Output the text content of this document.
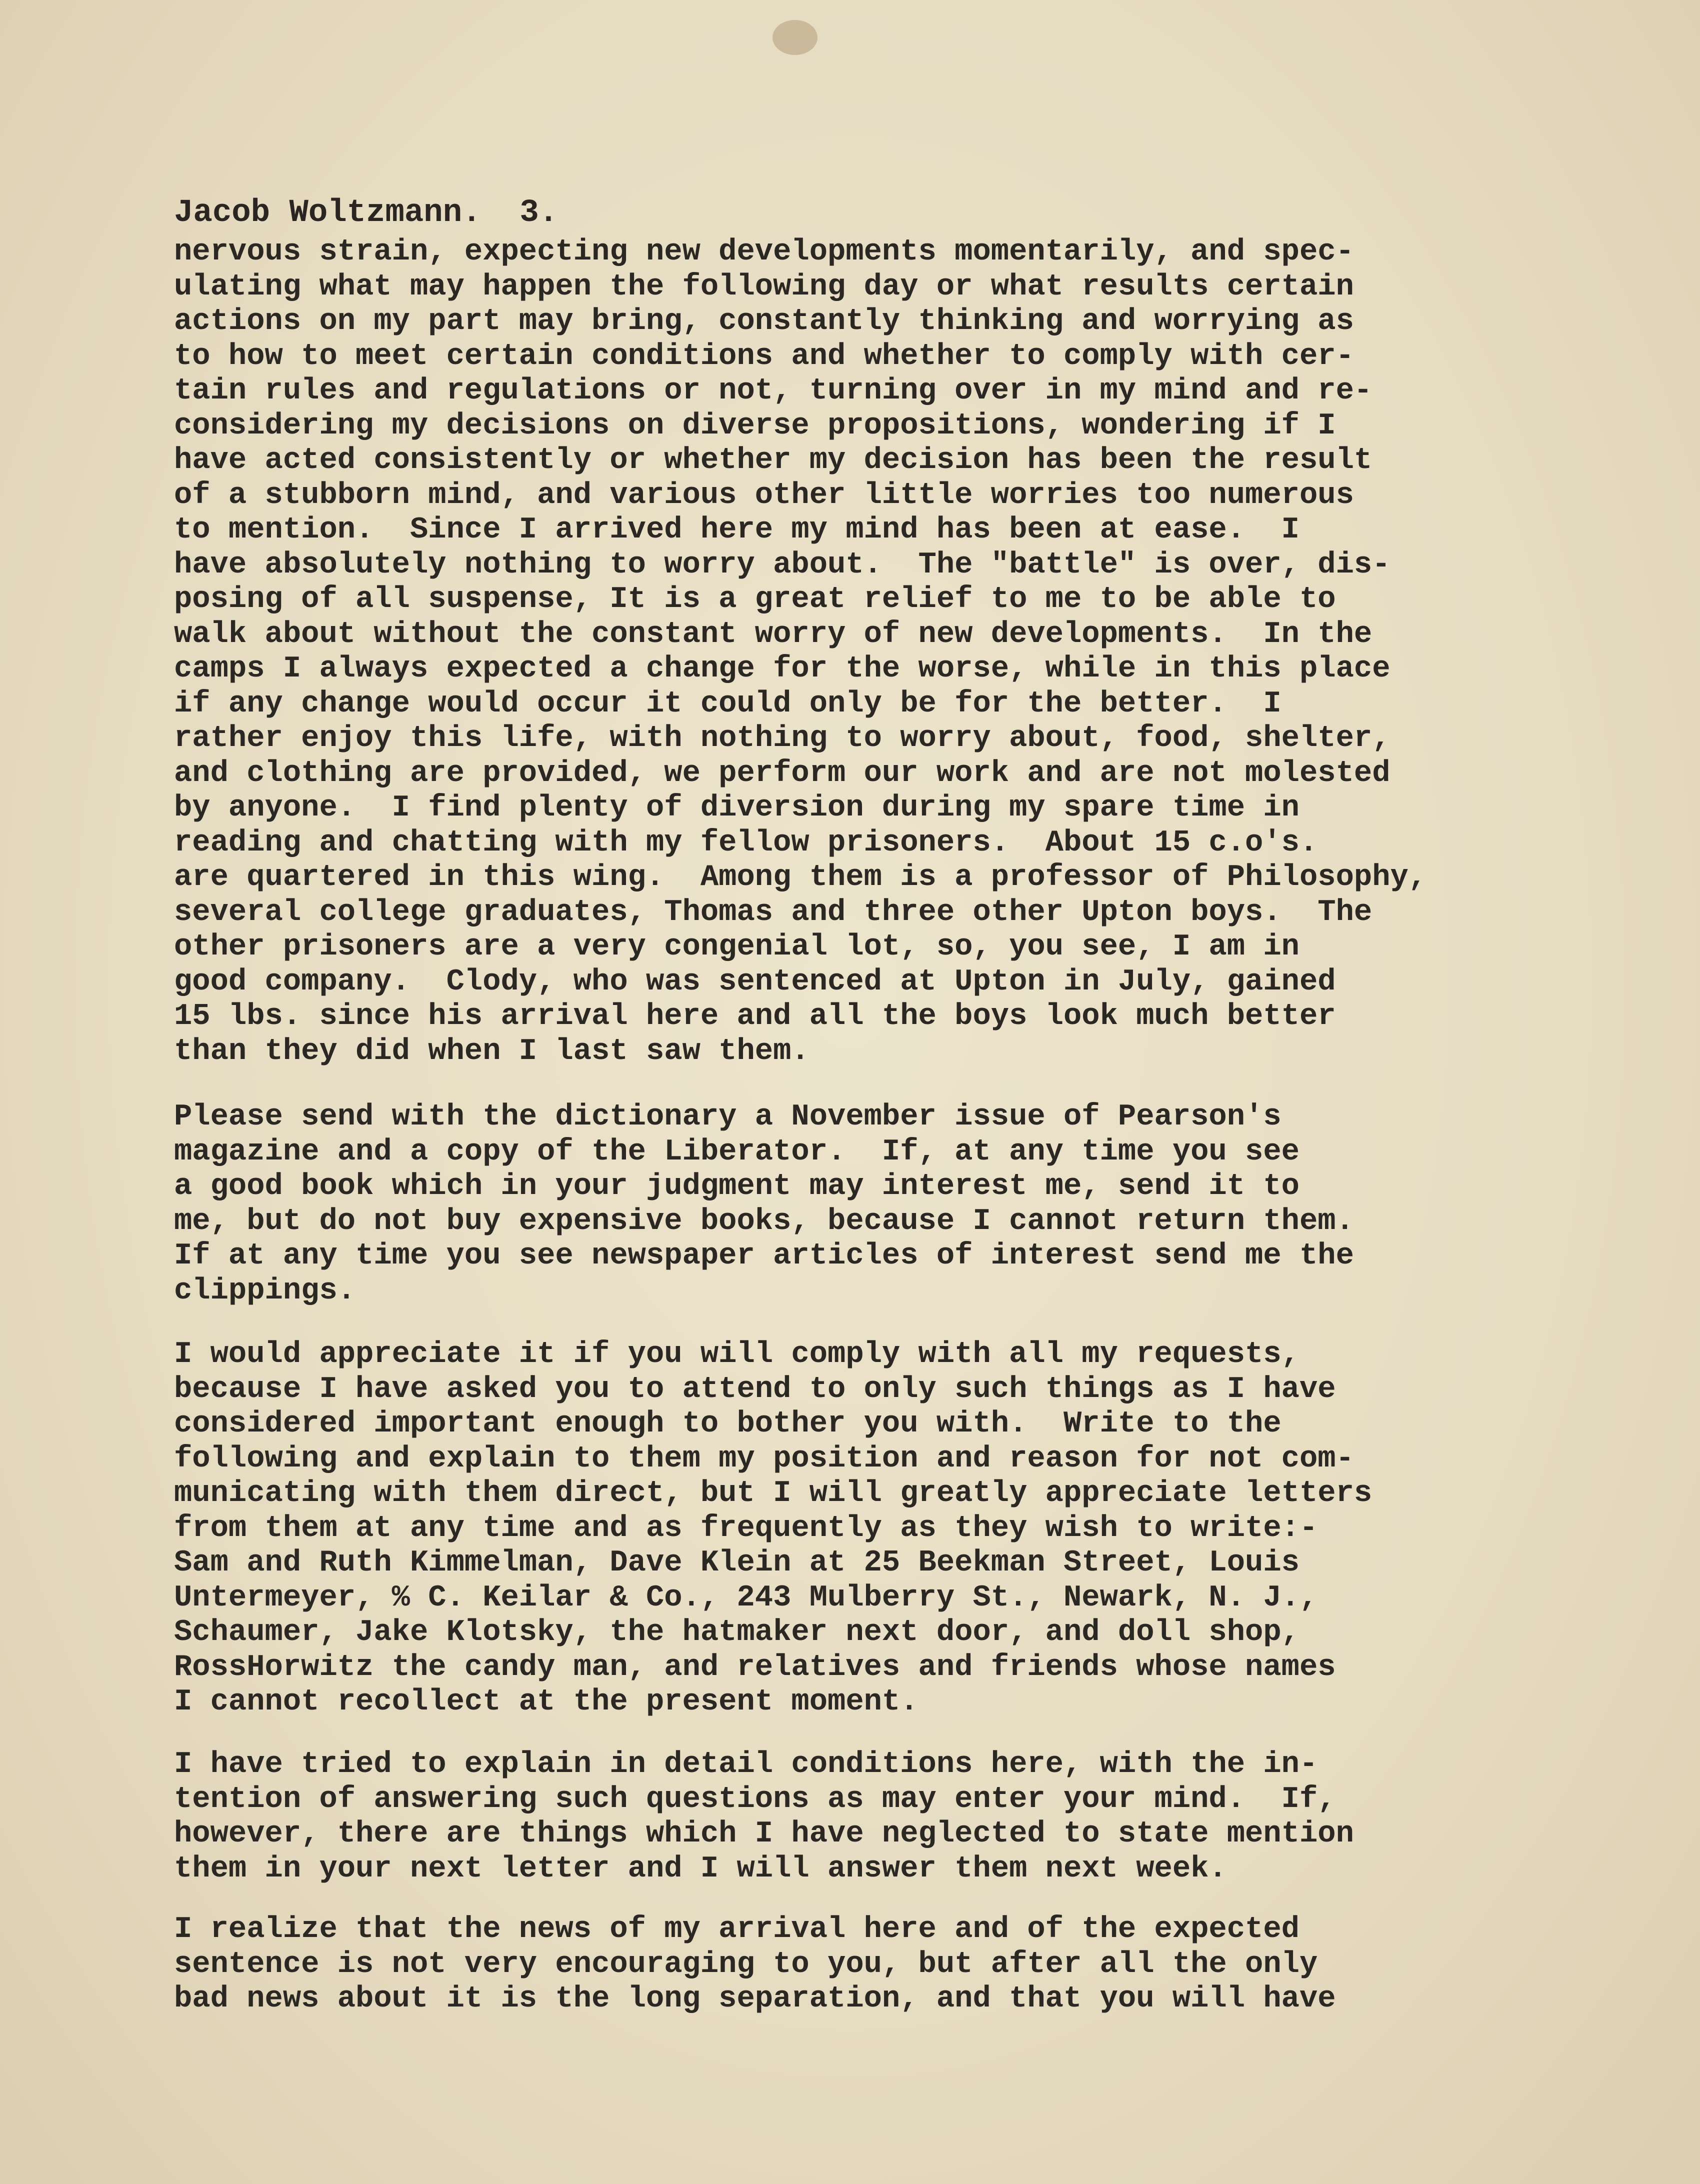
Jacob Woltzmann.  3.
nervous strain, expecting new developments momentarily, and spec-
ulating what may happen the following day or what results certain
actions on my part may bring, constantly thinking and worrying as
to how to meet certain conditions and whether to comply with cer-
tain rules and regulations or not, turning over in my mind and re-
considering my decisions on diverse propositions, wondering if I
have acted consistently or whether my decision has been the result
of a stubborn mind, and various other little worries too numerous
to mention.  Since I arrived here my mind has been at ease.  I
have absolutely nothing to worry about.  The "battle" is over, dis-
posing of all suspense, It is a great relief to me to be able to
walk about without the constant worry of new developments.  In the
camps I always expected a change for the worse, while in this place
if any change would occur it could only be for the better.  I
rather enjoy this life, with nothing to worry about, food, shelter,
and clothing are provided, we perform our work and are not molested
by anyone.  I find plenty of diversion during my spare time in
reading and chatting with my fellow prisoners.  About 15 c.o's.
are quartered in this wing.  Among them is a professor of Philosophy,
several college graduates, Thomas and three other Upton boys.  The
other prisoners are a very congenial lot, so, you see, I am in
good company.  Clody, who was sentenced at Upton in July, gained
15 lbs. since his arrival here and all the boys look much better
than they did when I last saw them.
Please send with the dictionary a November issue of Pearson's
magazine and a copy of the Liberator.  If, at any time you see
a good book which in your judgment may interest me, send it to
me, but do not buy expensive books, because I cannot return them.
If at any time you see newspaper articles of interest send me the
clippings.
I would appreciate it if you will comply with all my requests,
because I have asked you to attend to only such things as I have
considered important enough to bother you with.  Write to the
following and explain to them my position and reason for not com-
municating with them direct, but I will greatly appreciate letters
from them at any time and as frequently as they wish to write:-
Sam and Ruth Kimmelman, Dave Klein at 25 Beekman Street, Louis
Untermeyer, % C. Keilar & Co., 243 Mulberry St., Newark, N. J.,
Schaumer, Jake Klotsky, the hatmaker next door, and doll shop,
RossHorwitz the candy man, and relatives and friends whose names
I cannot recollect at the present moment.
I have tried to explain in detail conditions here, with the in-
tention of answering such questions as may enter your mind.  If,
however, there are things which I have neglected to state mention
them in your next letter and I will answer them next week.
I realize that the news of my arrival here and of the expected
sentence is not very encouraging to you, but after all the only
bad news about it is the long separation, and that you will have
